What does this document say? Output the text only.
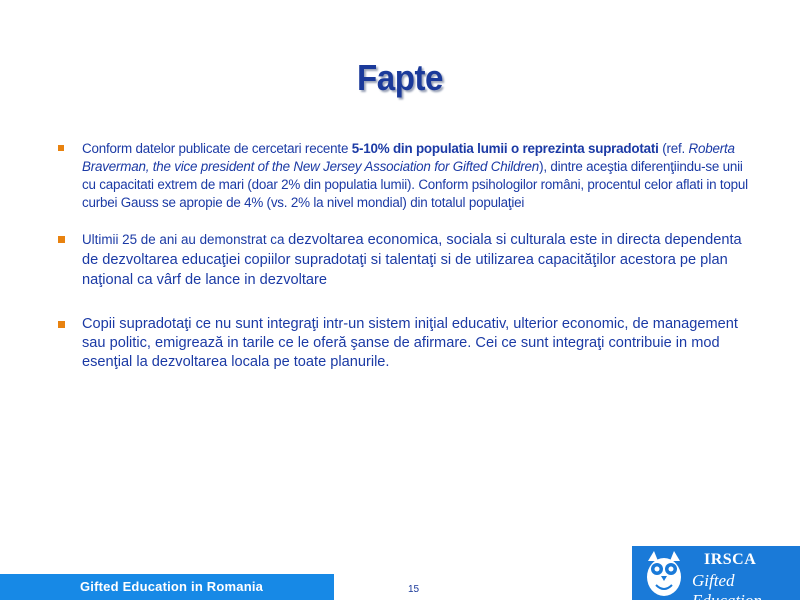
Fapte
Conform datelor publicate de cercetari recente 5-10% din populatia lumii o reprezinta supradotati (ref. Roberta Braverman, the vice president of the New Jersey Association for Gifted Children), dintre aceştia diferenţiindu-se unii cu capacitati extrem de mari (doar 2% din populatia lumii). Conform psihologilor români, procentul celor aflati in topul curbei Gauss se apropie de 4% (vs. 2% la nivel mondial) din totalul populaţiei
Ultimii 25 de ani au demonstrat ca dezvoltarea economica, sociala si culturala este in directa dependenta de dezvoltarea educaţiei copiilor supradotaţi si talentaţi si de utilizarea capacităţilor acestora pe plan naţional ca vârf de lance in dezvoltare
Copii supradotaţi ce nu sunt integraţi intr-un sistem iniţial educativ, ulterior economic, de management sau politic, emigrează in tarile ce le oferă şanse de afirmare. Cei ce sunt integraţi contribuie in mod esenţial la dezvoltarea locala pe toate planurile.
Gifted Education in Romania	15
IRSCA
Gifted Education
